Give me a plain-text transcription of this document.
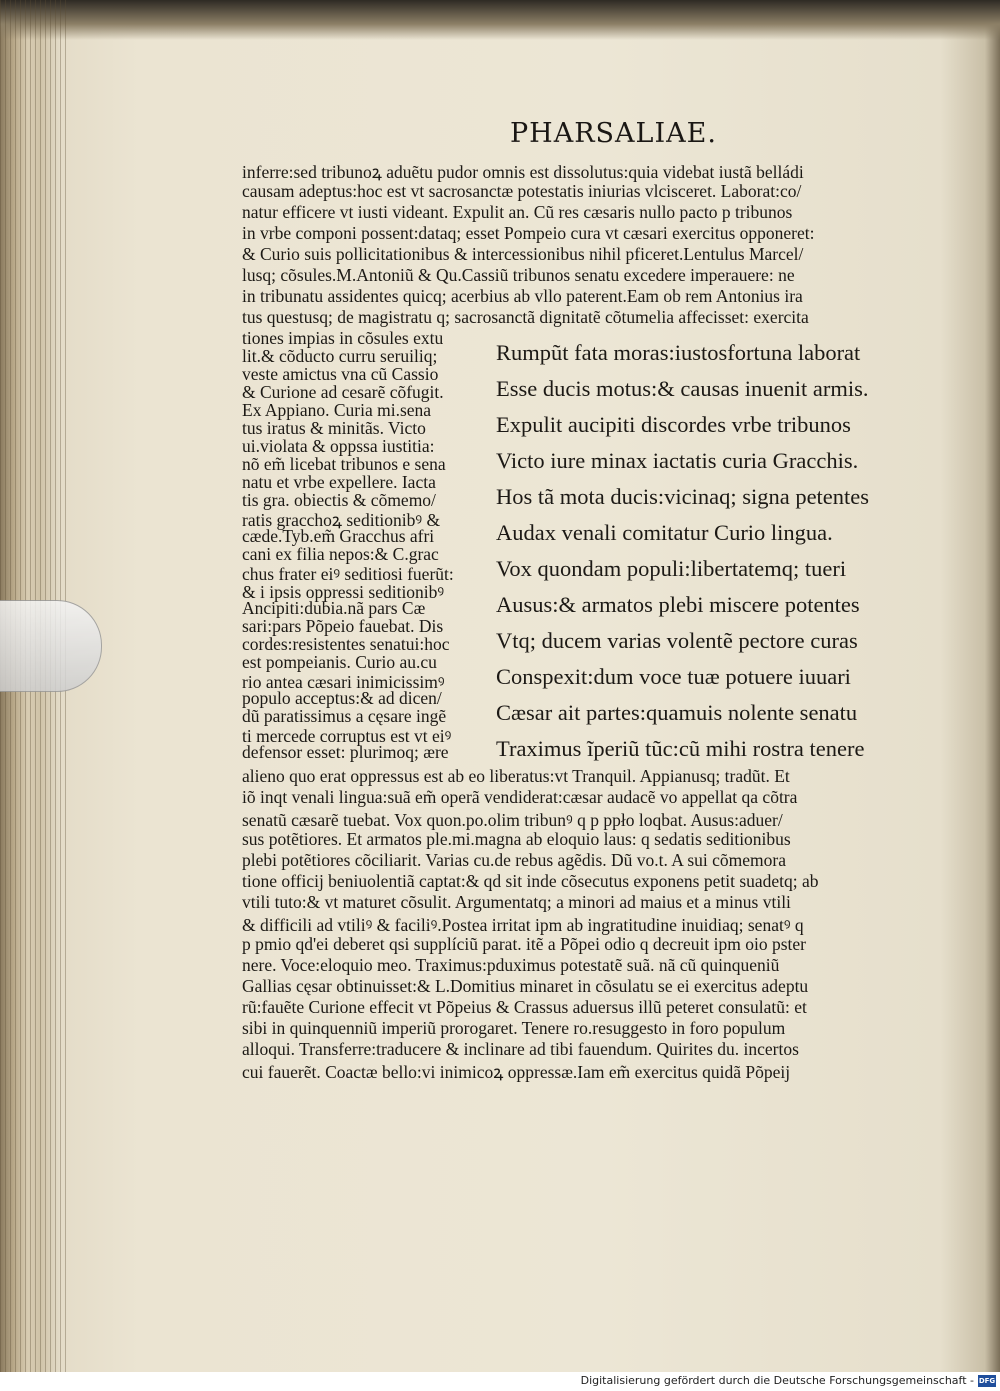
PHARSALIAE.
inferre:sed tribunoꝝ aduẽtu pudor omnis est dissolutus:quia videbat iustã belládi
causam adeptus:hoc est vt sacrosanctæ potestatis iniurias vlcisceret. Laborat:co/
natur efficere vt iusti videant. Expulit an. Cũ res cæsaris nullo pacto p tribunos
in vrbe componi possent:dataq; esset Pompeio cura vt cæsari exercitus opponeret:
& Curio suis pollicitationibus & intercessionibus nihil pficeret.Lentulus Marcel/
lusq; cõsules.M.Antoniũ & Qu.Cassiũ tribunos senatu excedere imperauere: ne
in tribunatu assidentes quicq; acerbius ab vllo paterent.Eam ob rem Antonius ira
tus questusq; de magistratu q; sacrosanctã dignitatẽ cõtumelia affecisset: exercita
tiones impias in cõsules extu
lit.& cõducto curru seruiliq;
veste amictus vna cũ Cassio
& Curione ad cesarẽ cõfugit.
Ex Appiano. Curia mi.sena
tus iratus & minitãs. Victo
ui.violata & oppssa iustitia:
nõ em̃ licebat tribunos e sena
natu et vrbe expellere. Iacta
tis gra. obiectis & cõmemo/
ratis gracchoꝝ seditionibꝰ &
cæde.Tyb.em̃ Gracchus afri
cani ex filia nepos:& C.grac
chus frater eiꝰ seditiosi fuerũt:
& i ipsis oppressi seditionibꝰ
Ancipiti:dubia.nã pars Cæ
sari:pars Põpeio fauebat. Dis
cordes:resistentes senatui:hoc
est pompeianis. Curio au.cu
rio antea cæsari inimicissimꝰ
populo acceptus:& ad dicen/
dũ paratissimus a cęsare ingẽ
ti mercede corruptus est vt eiꝰ
defensor esset: plurimoq; ære
Rumpũt fata moras:iustosfortuna laborat
Esse ducis motus:& causas inuenit armis.
Expulit aucipiti discordes vrbe tribunos
Victo iure minax iactatis curia Gracchis.
Hos tã mota ducis:vicinaq; signa petentes
Audax venali comitatur Curio lingua.
Vox quondam populi:libertatemq; tueri
Ausus:& armatos plebi miscere potentes
Vtq; ducem varias volentẽ pectore curas
Conspexit:dum voce tuæ potuere iuuari
Cæsar ait partes:quamuis nolente senatu
Traximus ĩperiũ tũc:cũ mihi rostra tenere
alieno quo erat oppressus est ab eo liberatus:vt Tranquil. Appianusq; tradũt. Et
iõ inqt venali lingua:suã em̃ operã vendiderat:cæsar audacẽ vo appellat qa cõtra
senatũ cæsarẽ tuebat. Vox quon.po.olim tribunꝰ q p ppło loqbat. Ausus:aduer/
sus potẽtiores. Et armatos ple.mi.magna ab eloquio laus: q sedatis seditionibus
plebi potẽtiores cõciliarit. Varias cu.de rebus agẽdis. Dũ vo.t. A sui cõmemora
tione officij beniuolentiã captat:& qd sit inde cõsecutus exponens petit suadetq; ab
vtili tuto:& vt maturet cõsulit. Argumentatq; a minori ad maius et a minus vtili
& difficili ad vtiliꝰ & faciliꝰ.Postea irritat ipm ab ingratitudine inuidiaq; senatꝰ q
p pmio qd'ei deberet qsi supplíciũ parat. itẽ a Põpei odio q decreuit ipm oio pster
nere. Voce:eloquio meo. Traximus:pduximus potestatẽ suã. nã cũ quinqueniũ
Gallias cęsar obtinuisset:& L.Domitius minaret in cõsulatu se ei exercitus adeptu
rũ:fauẽte Curione effecit vt Põpeius & Crassus aduersus illũ peteret consulatũ: et
sibi in quinquenniũ imperiũ prorogaret. Tenere ro.resuggesto in foro populum
alloqui. Transferre:traducere & inclinare ad tibi fauendum. Quirites du. incertos
cui fauerẽt. Coactæ bello:vi inimicoꝝ oppressæ.Iam em̃ exercitus quidã Põpeij
Digitalisierung gefördert durch die Deutsche Forschungsgemeinschaft - DFG
